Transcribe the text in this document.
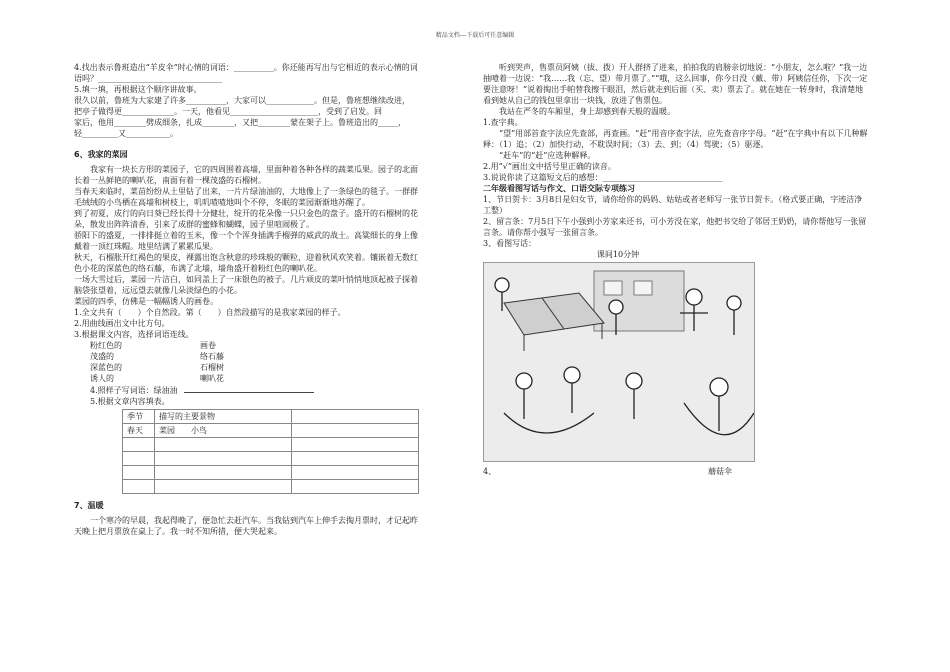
精品文档---下载后可任意编辑

4.找出表示鲁班造出“羊皮伞”时心情的词语：__________。你还能再写出与它相近的表示心情的词语吗？_______________________________

5.填一填，再根据这个顺序讲故事。

很久以前，鲁班为大家建了许多__________，大家可以____________。但是，鲁班想继续改进，

把亭子做得更_____________。一天，他看见______________________，受到了启发。回

家后，他用________劈成细条，扎成________，又把________蒙在架子上。鲁班造出的_____，

轻_________又___________。

6、我家的菜园

我家有一块长方形的菜园子，它的四周围着高墙，里面种着各种各样的蔬菜瓜果。园子的北面长着一丛鲜艳的喇叭花，南面有着一棵茂盛的石榴树。

当春天来临时，菜苗纷纷从土里钻了出来，一片片绿油油的，大地像上了一条绿色的毯子。一群群毛绒绒的小鸟栖在高墙和树枝上，叽叽喳喳地叫个不停，冬眠的菜园渐渐地苏醒了。

到了初夏，成行的向日葵已经长得十分健壮，绽开的花朵像一只只金色的盘子。盛开的石榴树的花朵，散发出阵阵清香，引来了成群的蜜蜂和蝴蝶，园子里喧闹极了。

骄阳下的盛夏，一排排挺立着的玉米，像一个个浑身插满手榴弹的威武的战士。高粱细长的身上像戴着一顶红珠帽。地里结满了累累瓜果。

秋天，石榴胀开红褐色的果皮，裸露出饱含秋意的珍珠般的颗粒，迎着秋风欢笑着。镶嵌着无数红色小花的深蓝色的络石藤，布满了北墙，墙角盛开着粉红色的喇叭花。

一场大雪过后，菜园一片洁白，如同盖上了一床银色的被子。几片顽皮的菜叶悄悄地顶起被子探着脑袋张望着，远远望去就像几朵淡绿色的小花。

菜园的四季，仿佛是一幅幅诱人的画卷。

1.全文共有（　　）个自然段。第（　　）自然段描写的是我家菜园的样子。

2.用曲线画出文中比方句。

3.根据课文内容，选择词语连线。

粉红色的	画卷
茂盛的	络石藤
深蓝色的	石榴树
诱人的	喇叭花

4.照样子写词语：绿油油

5.根据文章内容填表。

季节	描写的主要景物	
春天	菜园　　小鸟	

7、温暖

一个寒冷的早晨，我起得晚了，便急忙去赶汽车。当我钻到汽车上伸手去掏月票时，才记起昨天晚上把月票放在桌上了。我一时不知所措，便大哭起来。

听到哭声，售票员阿姨（拔、拨）开人群挤了进来，拍拍我的肩膀亲切地说：“小朋友，怎么啦？”我一边抽噎着一边说：“我……我（忘、望）带月票了。”“哦，这么回事，你今日没（戴、带）阿姨信任你，下次一定要注意呀！”说着掏出手帕替我擦干眼泪，然后就走到后面（买、卖）票去了。就在她在一转身时，我清楚地看到她从自己的钱包里拿出一块钱，放进了售票包。

我站在严冬的车厢里，身上却感到春天般的温暖。

1.查字典。

“望”用部首查字法应先查部，再查画。“赶”用音序查字法，应先查音序字母。“赶”在字典中有以下几种解释：（1）追；（2）加快行动，不耽误时间；（3）去、到；（4）驾驶；（5）驱逐。

“赶车”的“赶”应选种解释。

2.用“√”画出文中括号里正确的读音。

3.说说你读了这篇短文后的感想：______________________________

二年级看图写话与作文、口语交际专项练习

1、节日贺卡：3月8日是妇女节，请你给你的妈妈、姑姑或者老师写一张节日贺卡。（格式要正确，字迹洁净工整）

2、留言条：7月5日下午小强到小芳家来还书，可小芳没在家，他把书交给了邻居王奶奶，请你帮他写一张留言条。请你帮小强写一张留言条。

3、看图写话：

课间10分钟

4、	蘑菇伞
